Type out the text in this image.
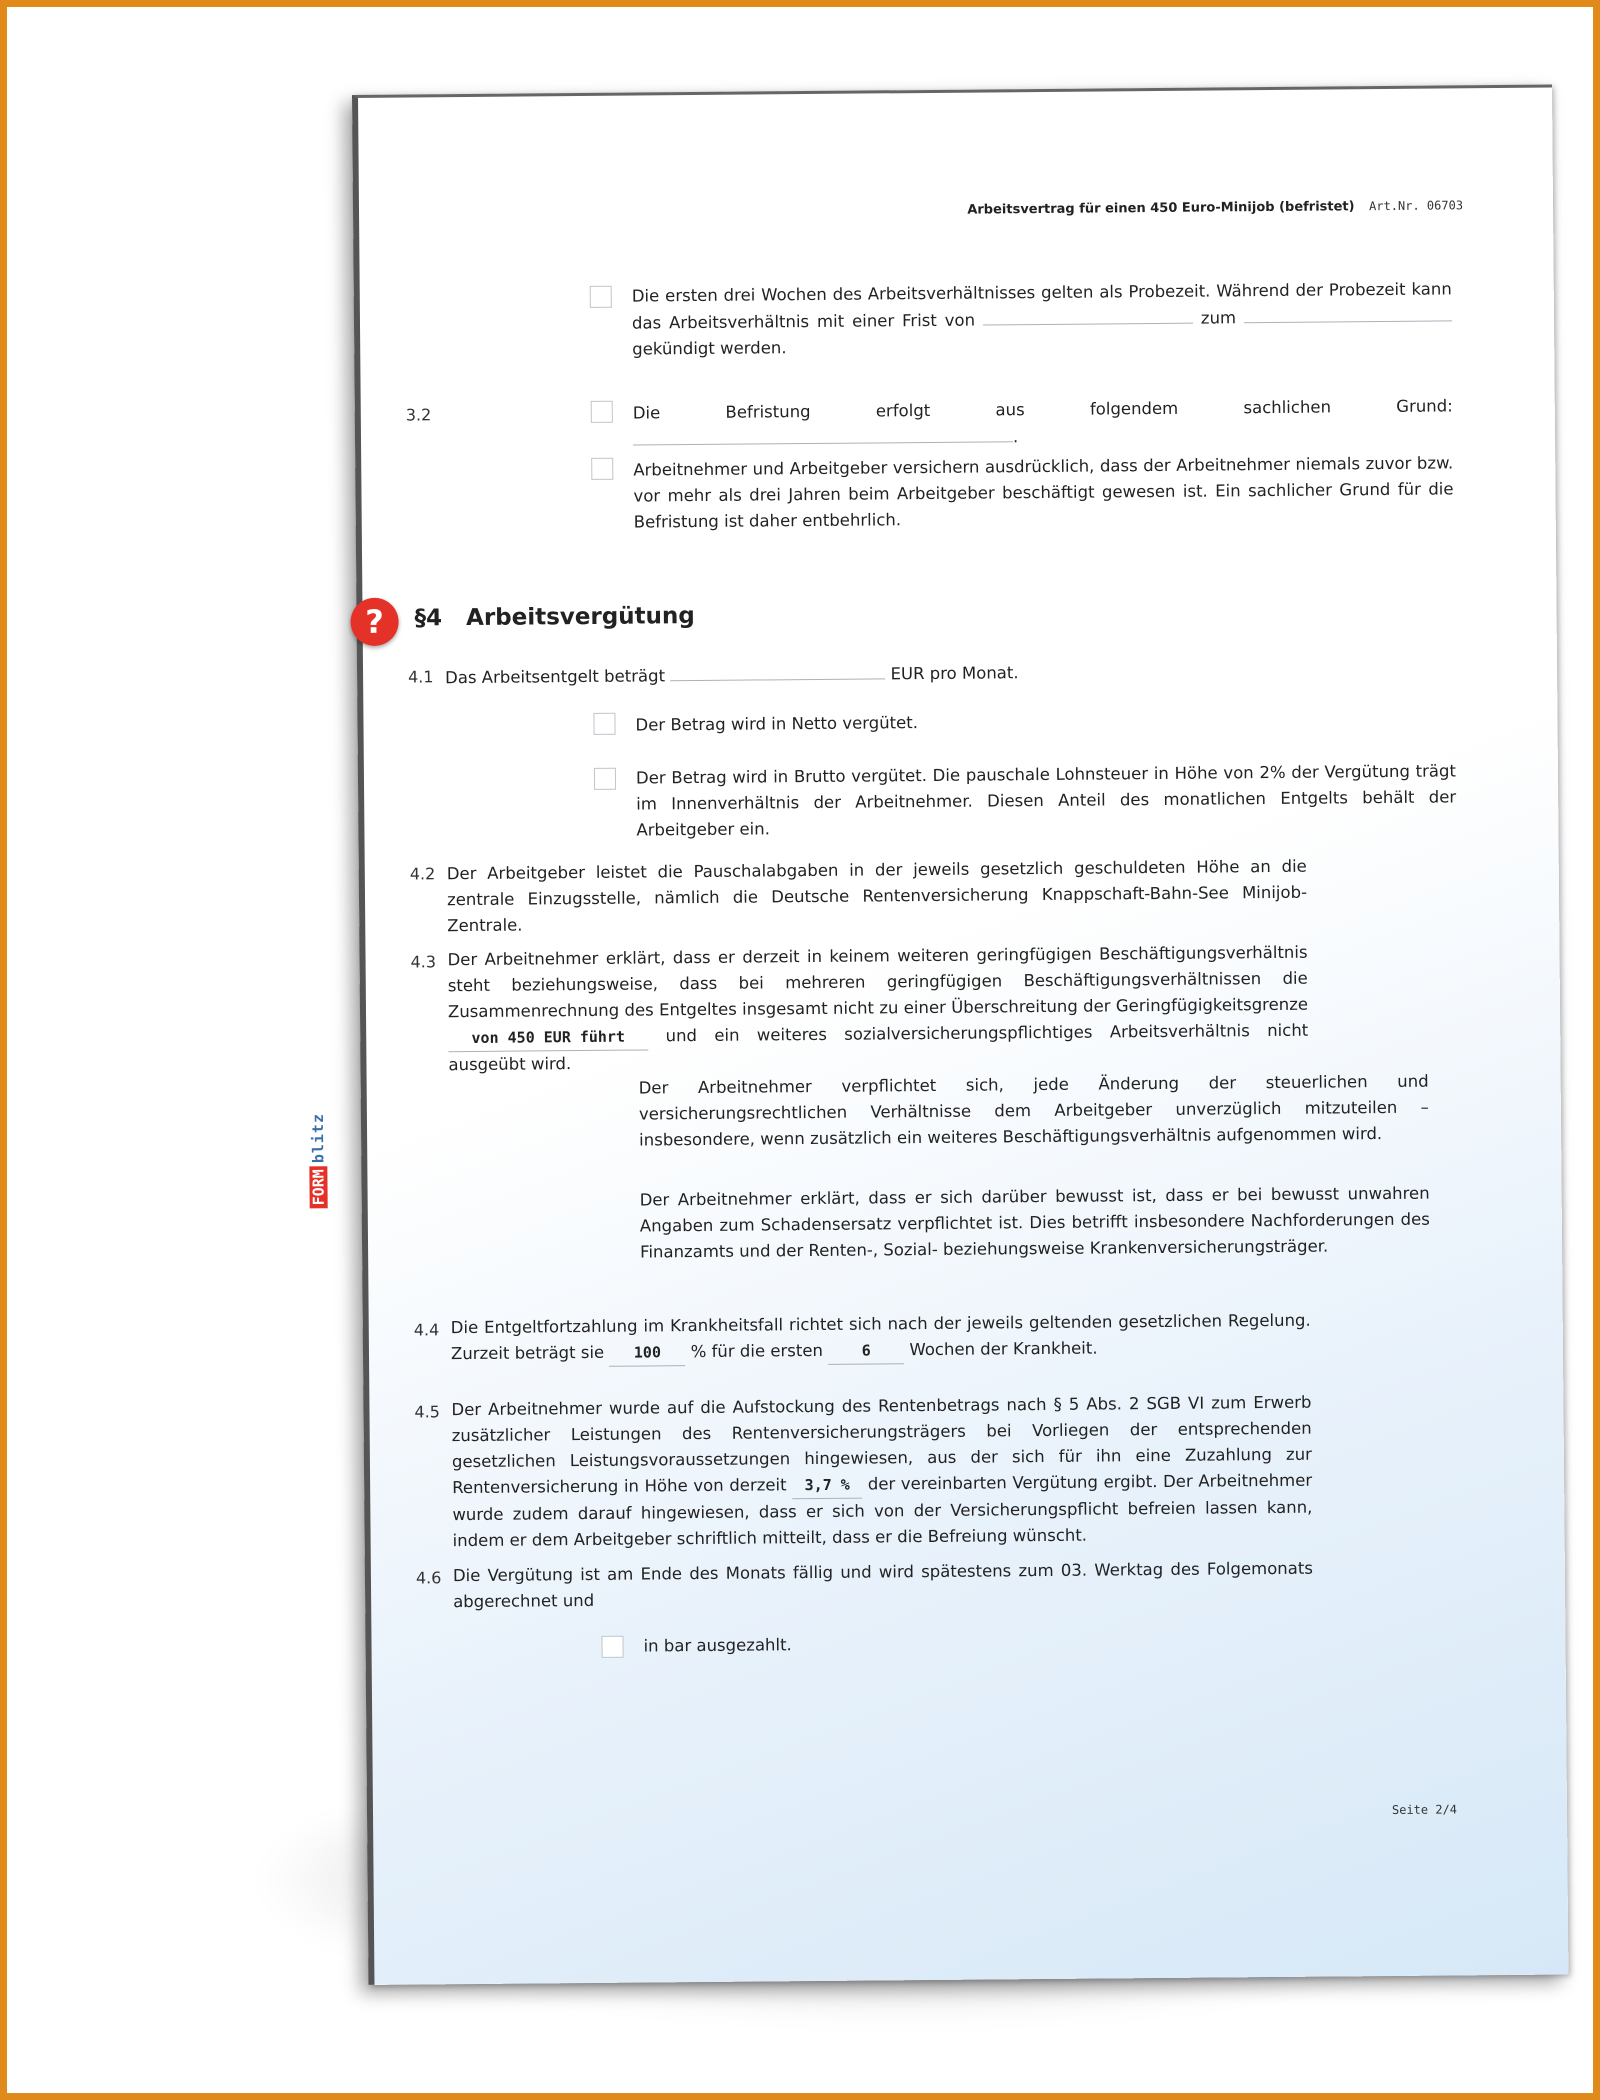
Arbeitsvertrag für einen 450 Euro-Minijob (befristet) Art.Nr. 06703
Die ersten drei Wochen des Arbeitsverhältnisses gelten als Probezeit. Während der Probezeit kann das Arbeitsverhältnis mit einer Frist von	zum  gekündigt werden.
3.2	Die Befristung erfolgt aus folgendem sachlichen Grund: .
Arbeitnehmer und Arbeitgeber versichern ausdrücklich, dass der Arbeitnehmer niemals zuvor bzw. vor mehr als drei Jahren beim Arbeitgeber beschäftigt gewesen ist. Ein sachlicher Grund für die Befristung ist daher entbehrlich.
?	§4 Arbeitsvergütung
4.1 Das Arbeitsentgelt beträgt	EUR pro Monat.
Der Betrag wird in Netto vergütet.
Der Betrag wird in Brutto vergütet. Die pauschale Lohnsteuer in Höhe von 2% der Vergütung trägt im Innenverhältnis der Arbeitnehmer. Diesen Anteil des monatlichen Entgelts behält der Arbeitgeber ein.
4.2 Der Arbeitgeber leistet die Pauschalabgaben in der jeweils gesetzlich geschuldeten Höhe an die zentrale Einzugsstelle, nämlich die Deutsche Rentenversicherung Knappschaft-Bahn-See Minijob-Zentrale.
4.3 Der Arbeitnehmer erklärt, dass er derzeit in keinem weiteren geringfügigen Beschäftigungsverhältnis steht beziehungsweise, dass bei mehreren geringfügigen Beschäftigungsverhältnissen die Zusammenrechnung des Entgeltes insgesamt nicht zu einer Überschreitung der Geringfügigkeitsgrenze von 450 EUR führt und ein weiteres sozialversicherungspflichtiges Arbeitsverhältnis nicht ausgeübt wird.
Der Arbeitnehmer verpflichtet sich, jede Änderung der steuerlichen und versicherungsrechtlichen Verhältnisse dem Arbeitgeber unverzüglich mitzuteilen – insbesondere, wenn zusätzlich ein weiteres Beschäftigungsverhältnis aufgenommen wird.
Der Arbeitnehmer erklärt, dass er sich darüber bewusst ist, dass er bei bewusst unwahren Angaben zum Schadensersatz verpflichtet ist. Dies betrifft insbesondere Nachforderungen des Finanzamts und der Renten-, Sozial- beziehungsweise Krankenversicherungsträger.
4.4 Die Entgeltfortzahlung im Krankheitsfall richtet sich nach der jeweils geltenden gesetzlichen Regelung. Zurzeit beträgt sie 100 % für die ersten	6 Wochen der Krankheit.
4.5 Der Arbeitnehmer wurde auf die Aufstockung des Rentenbetrags nach § 5 Abs. 2 SGB VI zum Erwerb zusätzlicher Leistungen des Rentenversicherungsträgers bei Vorliegen der entsprechenden gesetzlichen Leistungsvoraussetzungen hingewiesen, aus der sich für ihn eine Zuzahlung zur Rentenversicherung in Höhe von derzeit 3,7 % der vereinbarten Vergütung ergibt. Der Arbeitnehmer wurde zudem darauf hingewiesen, dass er sich von der Versicherungspflicht befreien lassen kann, indem er dem Arbeitgeber schriftlich mitteilt, dass er die Befreiung wünscht.
4.6 Die Vergütung ist am Ende des Monats fällig und wird spätestens zum 03. Werktag des Folgemonats abgerechnet und
in bar ausgezahlt.
FORMblitz
Seite 2/4
